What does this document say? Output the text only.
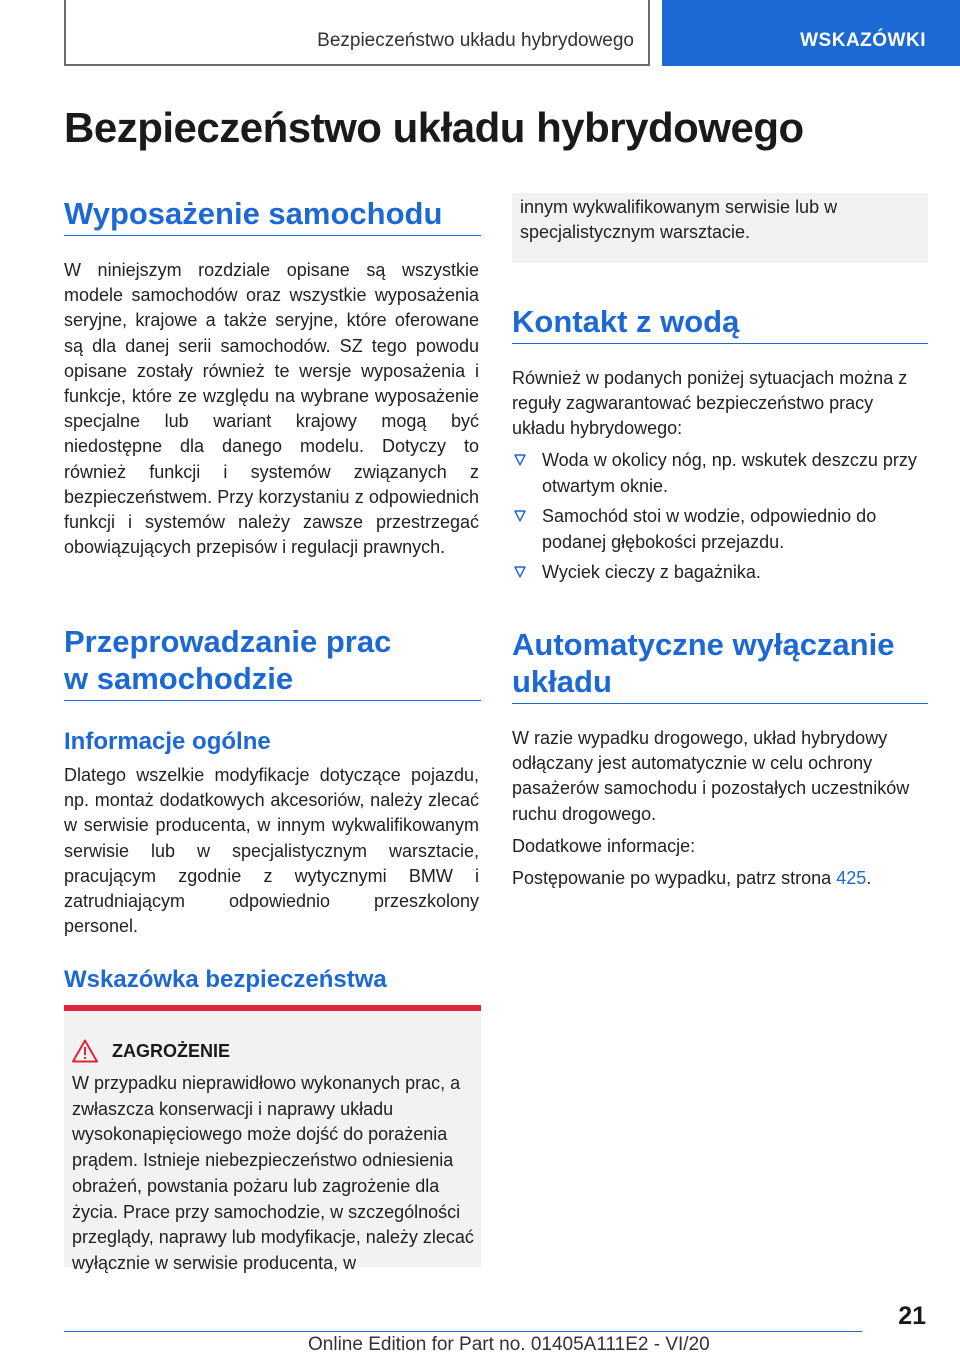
Bezpieczeństwo układu hybrydowego	WSKAZÓWKI
Bezpieczeństwo układu hybrydowego
Wyposażenie samochodu

W niniejszym rozdziale opisane są wszystkie modele samochodów oraz wszystkie wyposażenia seryjne, krajowe a także seryjne, które oferowane są dla danej serii samochodów. SZ tego powodu opisane zostały również te wersje wyposażenia i funkcje, które ze względu na wybrane wyposażenie specjalne lub wariant krajowy mogą być niedostępne dla danego modelu. Dotyczy to również funkcji i systemów związanych z bezpieczeństwem. Przy korzystaniu z odpowiednich funkcji i systemów należy zawsze przestrzegać obowiązujących przepisów i regulacji prawnych.

Przeprowadzanie prac
w samochodzie
Informacje ogólne

Dlatego wszelkie modyfikacje dotyczące pojazdu, np. montaż dodatkowych akcesoriów, należy zlecać w serwisie producenta, w innym wykwalifikowanym serwisie lub w specjalistycznym warsztacie, pracującym zgodnie z wytycznymi BMW i zatrudniającym odpowiednio przeszkolony personel.

Wskazówka bezpieczeństwa
ZAGROŻENIE

W przypadku nieprawidłowo wykonanych prac, a zwłaszcza konserwacji i naprawy układu wysokonapięciowego może dojść do porażenia prądem. Istnieje niebezpieczeństwo odniesienia obrażeń, powstania pożaru lub zagrożenie dla życia. Prace przy samochodzie, w szczególności przeglądy, naprawy lub modyfikacje, należy zlecać wyłącznie w serwisie producenta, w

innym wykwalifikowanym serwisie lub w specjalistycznym warsztacie.

Kontakt z wodą

Również w podanych poniżej sytuacjach można z reguły zagwarantować bezpieczeństwo pracy układu hybrydowego:

Woda w okolicy nóg, np. wskutek deszczu przy otwartym oknie.
Samochód stoi w wodzie, odpowiednio do podanej głębokości przejazdu.
Wyciek cieczy z bagażnika.
Automatyczne wyłączanie
układu

W razie wypadku drogowego, układ hybrydowy odłączany jest automatycznie w celu ochrony pasażerów samochodu i pozostałych uczestników ruchu drogowego.

Dodatkowe informacje:

Postępowanie po wypadku, patrz strona 425.

21
Online Edition for Part no. 01405A111E2 - VI/20
